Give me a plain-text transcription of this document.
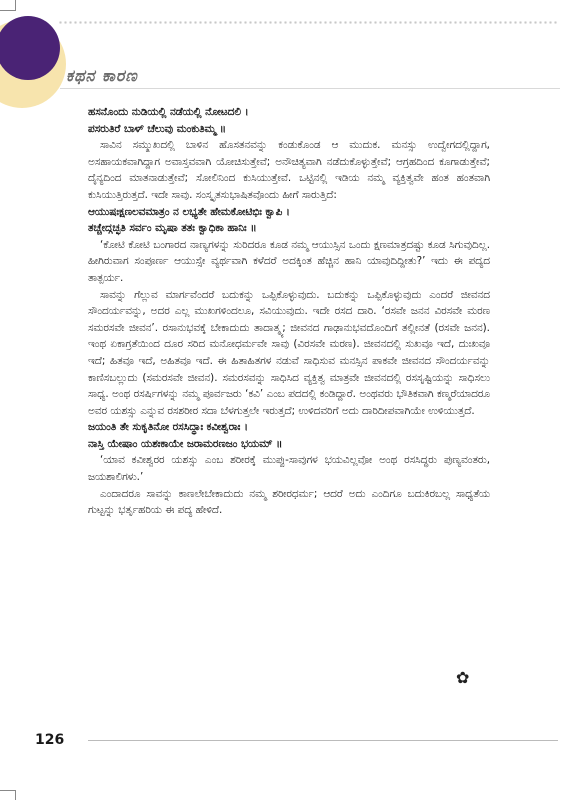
ಕಥನ ಕಾರಣ

ಹಸನೊಂದು ನುಡಿಯಲ್ಲಿ ನಡೆಯಲ್ಲಿ ನೋಟದಲಿ ।

ಪಸರುತಿರೆ ಬಾಳ್ ಚೆಲುವು ಮಂಕುತಿಮ್ಮ ॥

ಸಾವಿನ ಸಮ್ಮುಖದಲ್ಲಿ ಬಾಳಿನ ಹೊಸತನವನ್ನು ಕಂಡುಕೊಂಡ ಆ ಮುದುಕ. ಮನಸ್ಸು ಉದ್ವೇಗದಲ್ಲಿದ್ದಾಗ, ಅಸಹಾಯಕವಾಗಿದ್ದಾಗ ಅವಾಸ್ತವವಾಗಿ ಯೋಚಿಸುತ್ತೇವೆ; ಅನೌಚಿತ್ಯವಾಗಿ ನಡೆದುಕೊಳ್ಳುತ್ತೇವೆ; ಆಗ್ರಹದಿಂದ ಕೂಗಾಡುತ್ತೇವೆ; ದೈನ್ಯದಿಂದ ಮಾತನಾಡುತ್ತೇವೆ; ಸೋಲಿನಿಂದ ಕುಸಿಯುತ್ತೇವೆ. ಒಟ್ಟಿನಲ್ಲಿ ಇಡಿಯ ನಮ್ಮ ವ್ಯಕ್ತಿತ್ವವೇ ಹಂತ ಹಂತವಾಗಿ ಕುಸಿಯುತ್ತಿರುತ್ತದೆ. ಇದೇ ಸಾವು. ಸಂಸ್ಕೃತಸುಭಾಷಿತವೊಂದು ಹೀಗೆ ಸಾರುತ್ತಿದೆ:

ಆಯುಷಃಕ್ಷಣಲವಮಾತ್ರಂ ನ ಲಭ್ಯತೇ ಹೇಮಕೋಟಿಭಿಃ ಕ್ವಾಪಿ ।

ತಚ್ಚೇದ್ಗಚ್ಛತಿ ಸರ್ವಂ ಮೃಷಾ ತತಃ ಕ್ವಾಧಿಕಾ ಹಾನಿಃ ॥

‘ಕೋಟಿ ಕೋಟಿ ಬಂಗಾರದ ನಾಣ್ಯಗಳನ್ನು ಸುರಿದರೂ ಕೂಡ ನಮ್ಮ ಆಯುಸ್ಸಿನ ಒಂದು ಕ್ಷಣಮಾತ್ರದಷ್ಟು ಕೂಡ ಸಿಗುವುದಿಲ್ಲ. ಹೀಗಿರುವಾಗ ಸಂಪೂರ್ಣ ಆಯುಸ್ಸೇ ವ್ಯರ್ಥವಾಗಿ ಕಳೆದರೆ ಅದಕ್ಕಿಂತ ಹೆಚ್ಚಿನ ಹಾನಿ ಯಾವುದಿದ್ದೀತು?’ ಇದು ಈ ಪದ್ಯದ ತಾತ್ಪರ್ಯ.

ಸಾವನ್ನು ಗೆಲ್ಲುವ ಮಾರ್ಗವೆಂದರೆ ಬದುಕನ್ನು ಒಪ್ಪಿಕೊಳ್ಳುವುದು. ಬದುಕನ್ನು ಒಪ್ಪಿಕೊಳ್ಳುವುದು ಎಂದರೆ ಜೀವನದ ಸೌಂದರ್ಯವನ್ನು, ಅದರ ಎಲ್ಲ ಮುಖಗಳಿಂದಲೂ, ಸವಿಯುವುದು. ಇದೇ ರಸದ ದಾರಿ. ‘ರಸವೇ ಜನನ ವಿರಸವೇ ಮರಣ ಸಮರಸವೇ ಜೀವನ’. ರಸಾನುಭವಕ್ಕೆ ಬೇಕಾದುದು ತಾದಾತ್ಮ್ಯ; ಜೀವನದ ಗಾಢಾನುಭವದೊಂದಿಗೆ ತಲ್ಲೀನತೆ (ರಸವೇ ಜನನ). ಇಂಥ ಏಕಾಗ್ರತೆಯಿಂದ ದೂರ ಸರಿದ ಮನೋಧರ್ಮವೇ ಸಾವು (ವಿರಸವೇ ಮರಣ). ಜೀವನದಲ್ಲಿ ಸುಖವೂ ಇದೆ, ದುಃಖವೂ ಇದೆ; ಹಿತವೂ ಇದೆ, ಅಹಿತವೂ ಇದೆ. ಈ ಹಿತಾಹಿತಗಳ ನಡುವೆ ಸಾಧಿಸುವ ಮನಸ್ಸಿನ ಪಾಕವೇ ಜೀವನದ ಸೌಂದರ್ಯವನ್ನು ಕಾಣಿಸಬಲ್ಲುದು (ಸಮರಸವೇ ಜೀವನ). ಸಮರಸವನ್ನು ಸಾಧಿಸಿದ ವ್ಯಕ್ತಿತ್ವ ಮಾತ್ರವೇ ಜೀವನದಲ್ಲಿ ರಸಸೃಷ್ಟಿಯನ್ನು ಸಾಧಿಸಲು ಸಾಧ್ಯ. ಅಂಥ ರಸರ್ಷಿಗಳನ್ನು ನಮ್ಮ ಪೂರ್ವಜರು ‘ಕವಿ’ ಎಂಬ ಪದದಲ್ಲಿ ಕಂಡಿದ್ದಾರೆ. ಅಂಥವರು ಭೌತಿಕವಾಗಿ ಕಣ್ಮರೆಯಾದರೂ ಅವರ ಯಶಸ್ಸು ಎನ್ನುವ ರಸಶರೀರ ಸದಾ ಬೆಳಗುತ್ತಲೇ ಇರುತ್ತದೆ; ಉಳಿದವರಿಗೆ ಅದು ದಾರಿದೀಪವಾಗಿಯೇ ಉಳಿಯುತ್ತದೆ.

ಜಯಂತಿ ತೇ ಸುಕೃತಿನೋ ರಸಸಿದ್ಧಾಃ ಕವೀಶ್ವರಾಃ ।

ನಾಸ್ತಿ ಯೇಷಾಂ ಯಶಃಕಾಯೇ ಜರಾಮರಣಜಂ ಭಯಮ್ ॥

‘ಯಾವ ಕವೀಶ್ವರರ ಯಶಸ್ಸು ಎಂಬ ಶರೀರಕ್ಕೆ ಮುಪ್ಪು-ಸಾವುಗಳ ಭಯವಿಲ್ಲವೋ ಅಂಥ ರಸಸಿದ್ಧರು ಪುಣ್ಯವಂತರು, ಜಯಶಾಲಿಗಳು.’

ಎಂದಾದರೂ ಸಾವನ್ನು ಕಾಣಲೇಬೇಕಾದುದು ನಮ್ಮ ಶರೀರಧರ್ಮ; ಆದರೆ ಅದು ಎಂದಿಗೂ ಬದುಕಿರಬಲ್ಲ ಸಾಧ್ಯತೆಯ ಗುಟ್ಟನ್ನು ಭರ್ತೃಹರಿಯ ಈ ಪದ್ಯ ಹೇಳಿದೆ.

✿

126
